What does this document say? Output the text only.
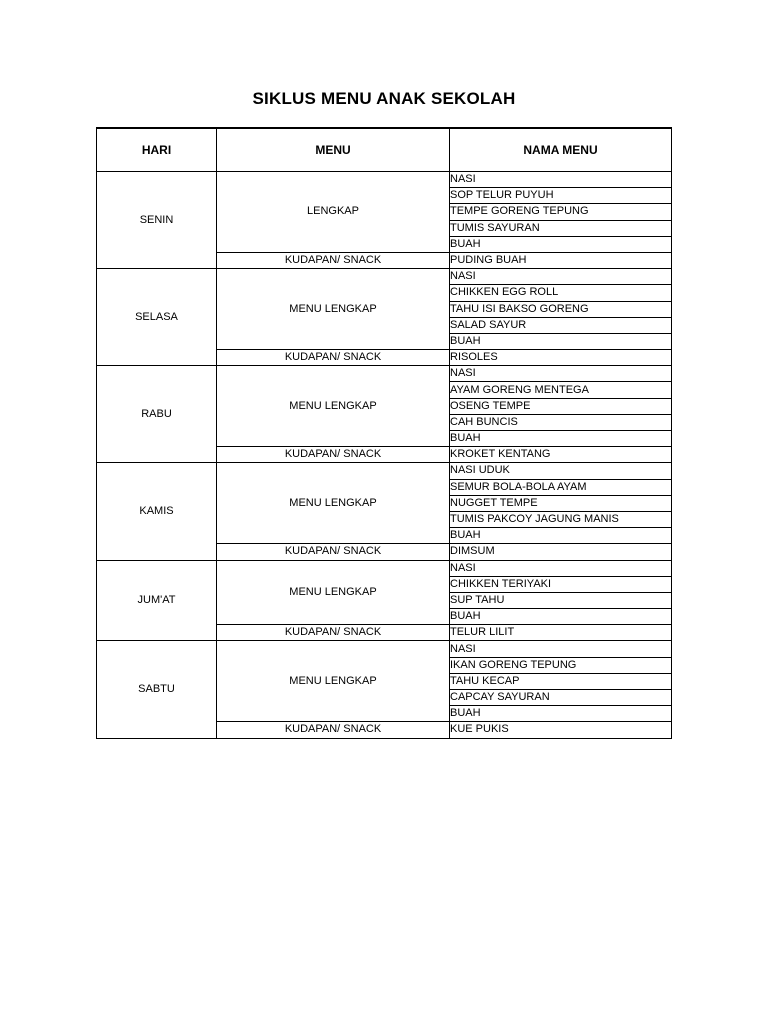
SIKLUS MENU ANAK SEKOLAH
HARI	MENU	NAMA MENU
SENIN	LENGKAP	NASI
		SOP TELUR PUYUH
		TEMPE GORENG TEPUNG
		TUMIS SAYURAN
		BUAH
	KUDAPAN/ SNACK	PUDING BUAH
SELASA	MENU LENGKAP	NASI
		CHIKKEN EGG ROLL
		TAHU ISI BAKSO GORENG
		SALAD SAYUR
		BUAH
	KUDAPAN/ SNACK	RISOLES
RABU	MENU LENGKAP	NASI
		AYAM GORENG MENTEGA
		OSENG TEMPE
		CAH BUNCIS
		BUAH
	KUDAPAN/ SNACK	KROKET KENTANG
KAMIS	MENU LENGKAP	NASI UDUK
		SEMUR BOLA-BOLA AYAM
		NUGGET TEMPE
		TUMIS PAKCOY JAGUNG MANIS
		BUAH
	KUDAPAN/ SNACK	DIMSUM
JUM'AT	MENU LENGKAP	NASI
		CHIKKEN TERIYAKI
		SUP TAHU
		BUAH
	KUDAPAN/ SNACK	TELUR LILIT
SABTU	MENU LENGKAP	NASI
		IKAN GORENG TEPUNG
		TAHU KECAP
		CAPCAY SAYURAN
		BUAH
	KUDAPAN/ SNACK	KUE PUKIS
